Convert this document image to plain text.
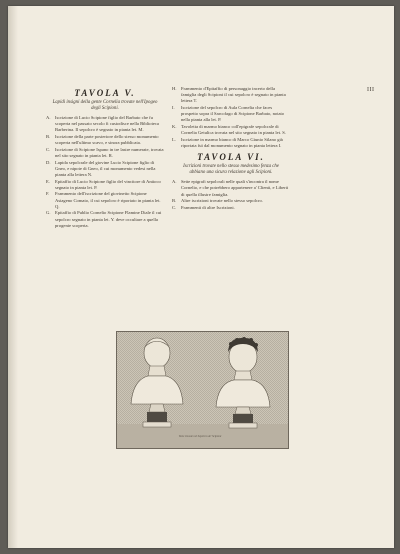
III
TAVOLA V.
Lapidi insigni della gente Cornelia trovate nell'Ipogeo degli Scipioni.
A. Iscrizione di Lucio Scipione figlio del Barbato che fu scoperta nel passato secolo fi custodisce nella Biblioteca Barberina. Il sepolcro è segnato in pianta let. M.
B.	Iscrizione della parte posteriore dello stesso monumento scoperta nell'ultimo scavo, e sinora pubblicata.
C.	Iscrizione di Scipione Ispano in tre lastre numerate, trovata nel sito segnato in pianta let. R.
D. Lapida sepolcrale del giovine Lucio Scipione figlio di Gneo, e nipote di Gneo, il cui monumento vedesi nella pianta alla lettera N.
E.	Epitaffio di Lucio Scipione figlio del vincitore di Antioco segnato in pianta let. P.
F.	Frammento dell'iscrizione del giovinetto Scipione Asiageno Comato, il cui sepolcro è riportato in pianta let. Q.
G. Epitaffio di Publio Cornelio Scipione Flamine Diale il cui sepolcro segnato in pianta let. Y. deve occultare a quella progenie scoperta.
H. Frammento d'Epitaffio di personaggio incerto della famiglia degli Scipioni il cui sepolcro è segnato in pianta lettera T.
I.	Iscrizione del sepolcro di Aula Cornelia che faces prospetto sopra il Sarcofago di Scipione Barbato, notato nella pianta alla let. P.
K. Tavoletta di marmo bianco coll'epigrafe sepolcrale di Cornelia Getulica trovata nel sito segnato in pianta let. S.
L.	Iscrizione in marmo bianco di Marco Giunio Silano già riportata fuì dal monumento segnato in pianta lettera I.
TAVOLA VI.
Iscrizioni trovate nello stesso medesimo fenza che abbiano una sicura relazione agli Scipioni.
A. Sette epigrafi sepolcrali nelle quali s'incontra il nome Cornelio, e che potrebbero appartenere a' Clienti, e Liberti di quella illustre famiglia.
B.	Altre iscrizioni trovate nello stesso sepolcro.
C.	Frammenti di altre Iscrizioni.
Teste trovate nel Sepolcro de' Scipioni
